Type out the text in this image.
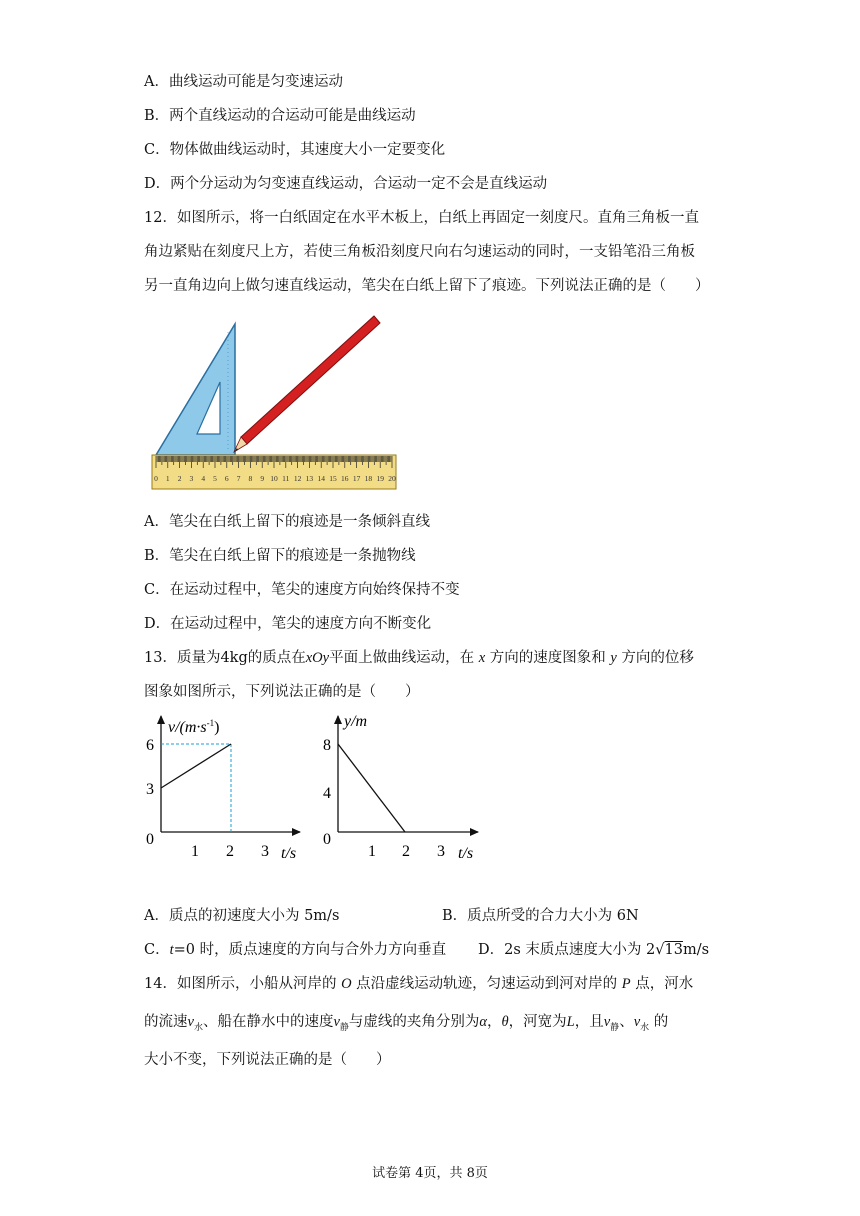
A．曲线运动可能是匀变速运动
B．两个直线运动的合运动可能是曲线运动
C．物体做曲线运动时，其速度大小一定要变化
D．两个分运动为匀变速直线运动，合运动一定不会是直线运动
12．如图所示，将一白纸固定在水平木板上，白纸上再固定一刻度尺。直角三角板一直
角边紧贴在刻度尺上方，若使三角板沿刻度尺向右匀速运动的同时，一支铅笔沿三角板
另一直角边向上做匀速直线运动，笔尖在白纸上留下了痕迹。下列说法正确的是（　　）
0 1 2 3 4 5 6 7 8 9 10 11 12 13 14 15 16 17 18 19 20
A．笔尖在白纸上留下的痕迹是一条倾斜直线
B．笔尖在白纸上留下的痕迹是一条抛物线
C．在运动过程中，笔尖的速度方向始终保持不变
D．在运动过程中，笔尖的速度方向不断变化
13．质量为4kg的质点在xOy平面上做曲线运动，在 x 方向的速度图象和 y 方向的位移
图象如图所示，下列说法正确的是（　　）
$v/(m\cdot s^{-1})$
6
3
0
1 2 3 t/s
y/m
8
4
0
1 2 3 t/s
A．质点的初速度大小为 5m/s	B．质点所受的合力大小为 6N
C．t=0 时，质点速度的方向与合外力方向垂直 D．2s 末质点速度大小为 2√13m/s
14．如图所示，小船从河岸的 O 点沿虚线运动轨迹，匀速运动到河对岸的 P 点，河水
的流速$v_水$、船在静水中的速度$v_静$与虚线的夹角分别为α，θ，河宽为L，且$v_静$、$v_水$ 的
大小不变，下列说法正确的是（　　）
试卷第 4页，共 8页
